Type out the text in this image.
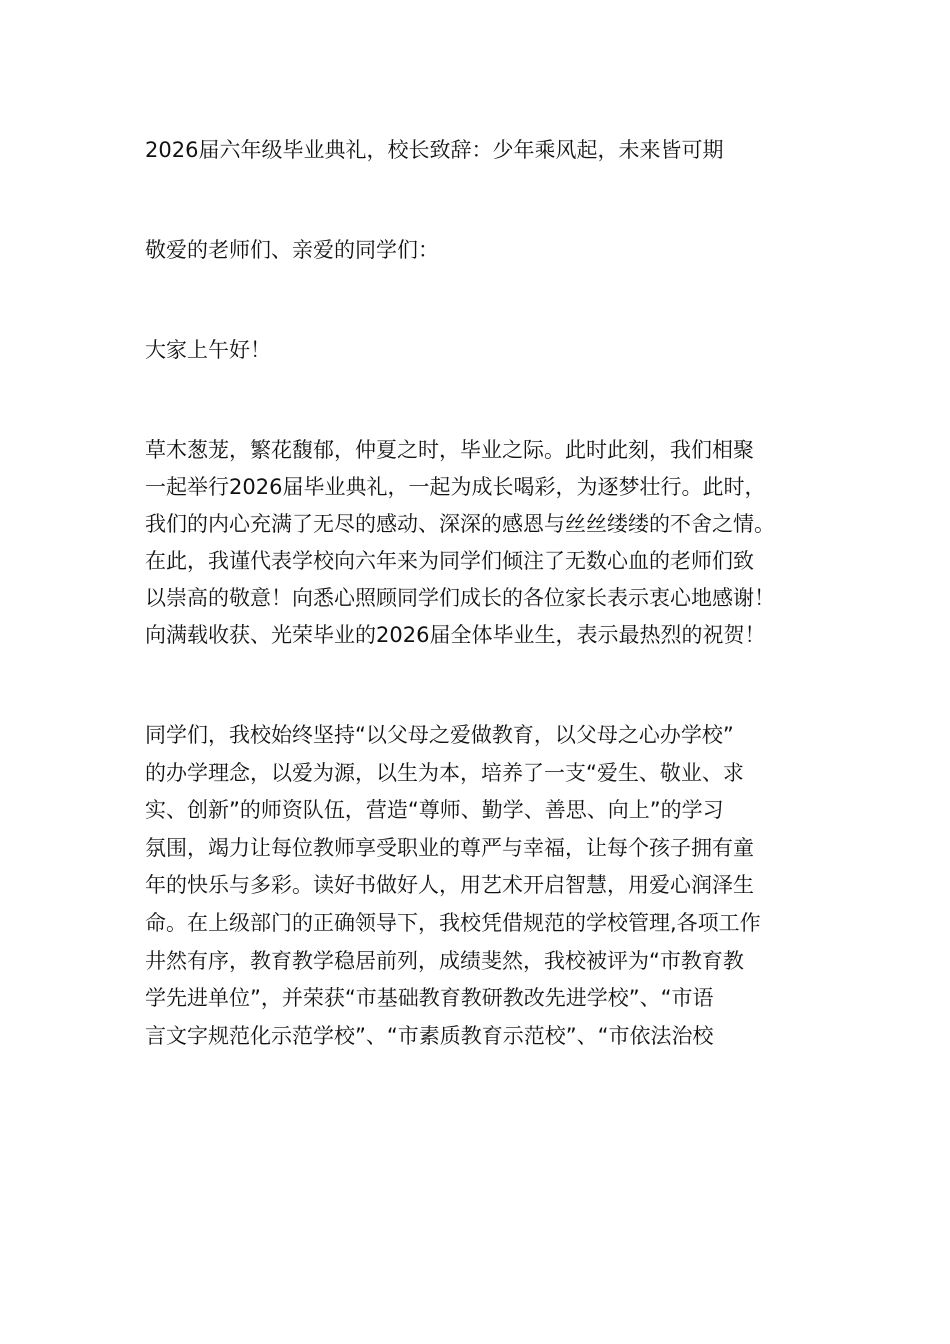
2026届六年级毕业典礼，校长致辞：少年乘风起，未来皆可期
敬爱的老师们、亲爱的同学们：
大家上午好！
草木葱茏，繁花馥郁，仲夏之时，毕业之际。此时此刻，我们相聚
一起举行2026届毕业典礼，一起为成长喝彩，为逐梦壮行。此时，
我们的内心充满了无尽的感动、深深的感恩与丝丝缕缕的不舍之情。
在此，我谨代表学校向六年来为同学们倾注了无数心血的老师们致
以崇高的敬意！向悉心照顾同学们成长的各位家长表示衷心地感谢！
向满载收获、光荣毕业的2026届全体毕业生，表示最热烈的祝贺！
同学们，我校始终坚持“以父母之爱做教育，以父母之心办学校”
的办学理念，以爱为源，以生为本，培养了一支“爱生、敬业、求
实、创新”的师资队伍，营造“尊师、勤学、善思、向上”的学习
氛围，竭力让每位教师享受职业的尊严与幸福，让每个孩子拥有童
年的快乐与多彩。读好书做好人，用艺术开启智慧，用爱心润泽生
命。在上级部门的正确领导下，我校凭借规范的学校管理,各项工作
井然有序，教育教学稳居前列，成绩斐然，我校被评为“市教育教
学先进单位”，并荣获“市基础教育教研教改先进学校”、“市语
言文字规范化示范学校”、“市素质教育示范校”、“市依法治校
